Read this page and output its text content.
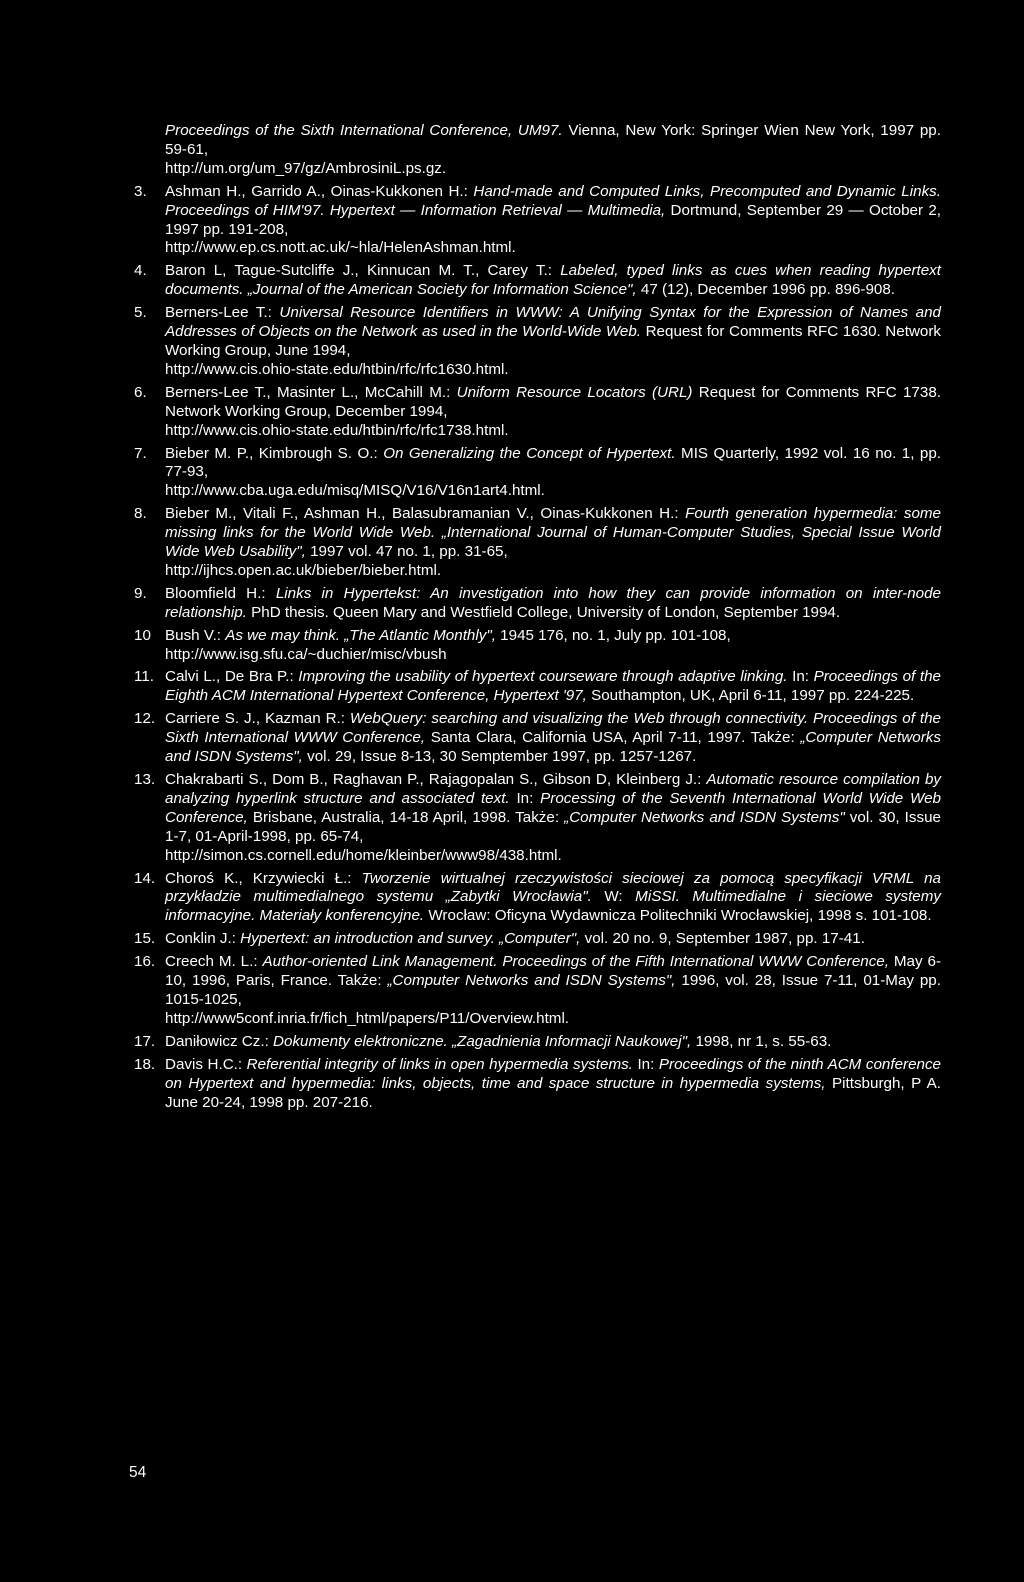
Proceedings of the Sixth International Conference, UM97. Vienna, New York: Springer Wien New York, 1997 pp. 59-61,
http://um.org/um_97/gz/AmbrosiniL.ps.gz.
3. Ashman H., Garrido A., Oinas-Kukkonen H.: Hand-made and Computed Links, Precomputed and Dynamic Links. Proceedings of HIM'97. Hypertext — Information Retrieval — Multimedia, Dortmund, September 29 — October 2, 1997 pp. 191-208,
http://www.ep.cs.nott.ac.uk/~hla/HelenAshman.html.
4. Baron L, Tague-Sutcliffe J., Kinnucan M. T., Carey T.: Labeled, typed links as cues when reading hypertext documents. „Journal of the American Society for Information Science", 47 (12), December 1996 pp. 896-908.
5. Berners-Lee T.: Universal Resource Identifiers in WWW: A Unifying Syntax for the Expression of Names and Addresses of Objects on the Network as used in the World-Wide Web. Request for Comments RFC 1630. Network Working Group, June 1994,
http://www.cis.ohio-state.edu/htbin/rfc/rfc1630.html.
6. Berners-Lee T., Masinter L., McCahill M.: Uniform Resource Locators (URL) Request for Comments RFC 1738. Network Working Group, December 1994,
http://www.cis.ohio-state.edu/htbin/rfc/rfc1738.html.
7. Bieber M. P., Kimbrough S. O.: On Generalizing the Concept of Hypertext. MIS Quarterly, 1992 vol. 16 no. 1, pp. 77-93,
http://www.cba.uga.edu/misq/MISQ/V16/V16n1art4.html.
8. Bieber M., Vitali F., Ashman H., Balasubramanian V., Oinas-Kukkonen H.: Fourth generation hypermedia: some missing links for the World Wide Web. „International Journal of Human-Computer Studies, Special Issue World Wide Web Usability", 1997 vol. 47 no. 1, pp. 31-65,
http://ijhcs.open.ac.uk/bieber/bieber.html.
9. Bloomfield H.: Links in Hypertekst: An investigation into how they can provide information on inter-node relationship. PhD thesis. Queen Mary and Westfield College, University of London, September 1994.
10 Bush V.: As we may think. „The Atlantic Monthly", 1945 176, no. 1, July pp. 101-108,
http://www.isg.sfu.ca/~duchier/misc/vbush
11. Calvi L., De Bra P.: Improving the usability of hypertext courseware through adaptive linking. In: Proceedings of the Eighth ACM International Hypertext Conference, Hypertext '97, Southampton, UK, April 6-11, 1997 pp. 224-225.
12. Carriere S. J., Kazman R.: WebQuery: searching and visualizing the Web through connectivity. Proceedings of the Sixth International WWW Conference, Santa Clara, California USA, April 7-11, 1997. Także: „Computer Networks and ISDN Systems", vol. 29, Issue 8-13, 30 Semptember 1997, pp. 1257-1267.
13. Chakrabarti S., Dom B., Raghavan P., Rajagopalan S., Gibson D, Kleinberg J.: Automatic resource compilation by analyzing hyperlink structure and associated text. In: Processing of the Seventh International World Wide Web Conference, Brisbane, Australia, 14-18 April, 1998. Także: „Computer Networks and ISDN Systems" vol. 30, Issue 1-7, 01-April-1998, pp. 65-74,
http://simon.cs.cornell.edu/home/kleinber/www98/438.html.
14. Choroś K., Krzywiecki Ł.: Tworzenie wirtualnej rzeczywistości sieciowej za pomocą specyfikacji VRML na przykładzie multimedialnego systemu „Zabytki Wrocławia". W: MiSSI. Multimedialne i sieciowe systemy informacyjne. Materiały konferencyjne. Wrocław: Oficyna Wydawnicza Politechniki Wrocławskiej, 1998 s. 101-108.
15. Conklin J.: Hypertext: an introduction and survey. „Computer", vol. 20 no. 9, September 1987, pp. 17-41.
16. Creech M. L.: Author-oriented Link Management. Proceedings of the Fifth International WWW Conference, May 6-10, 1996, Paris, France. Także: „Computer Networks and ISDN Systems", 1996, vol. 28, Issue 7-11, 01-May pp. 1015-1025,
http://www5conf.inria.fr/fich_html/papers/P11/Overview.html.
17. Daniłowicz Cz.: Dokumenty elektroniczne. „Zagadnienia Informacji Naukowej", 1998, nr 1, s. 55-63.
18. Davis H.C.: Referential integrity of links in open hypermedia systems. In: Proceedings of the ninth ACM conference on Hypertext and hypermedia: links, objects, time and space structure in hypermedia systems, Pittsburgh, P A. June 20-24, 1998 pp. 207-216.
54
